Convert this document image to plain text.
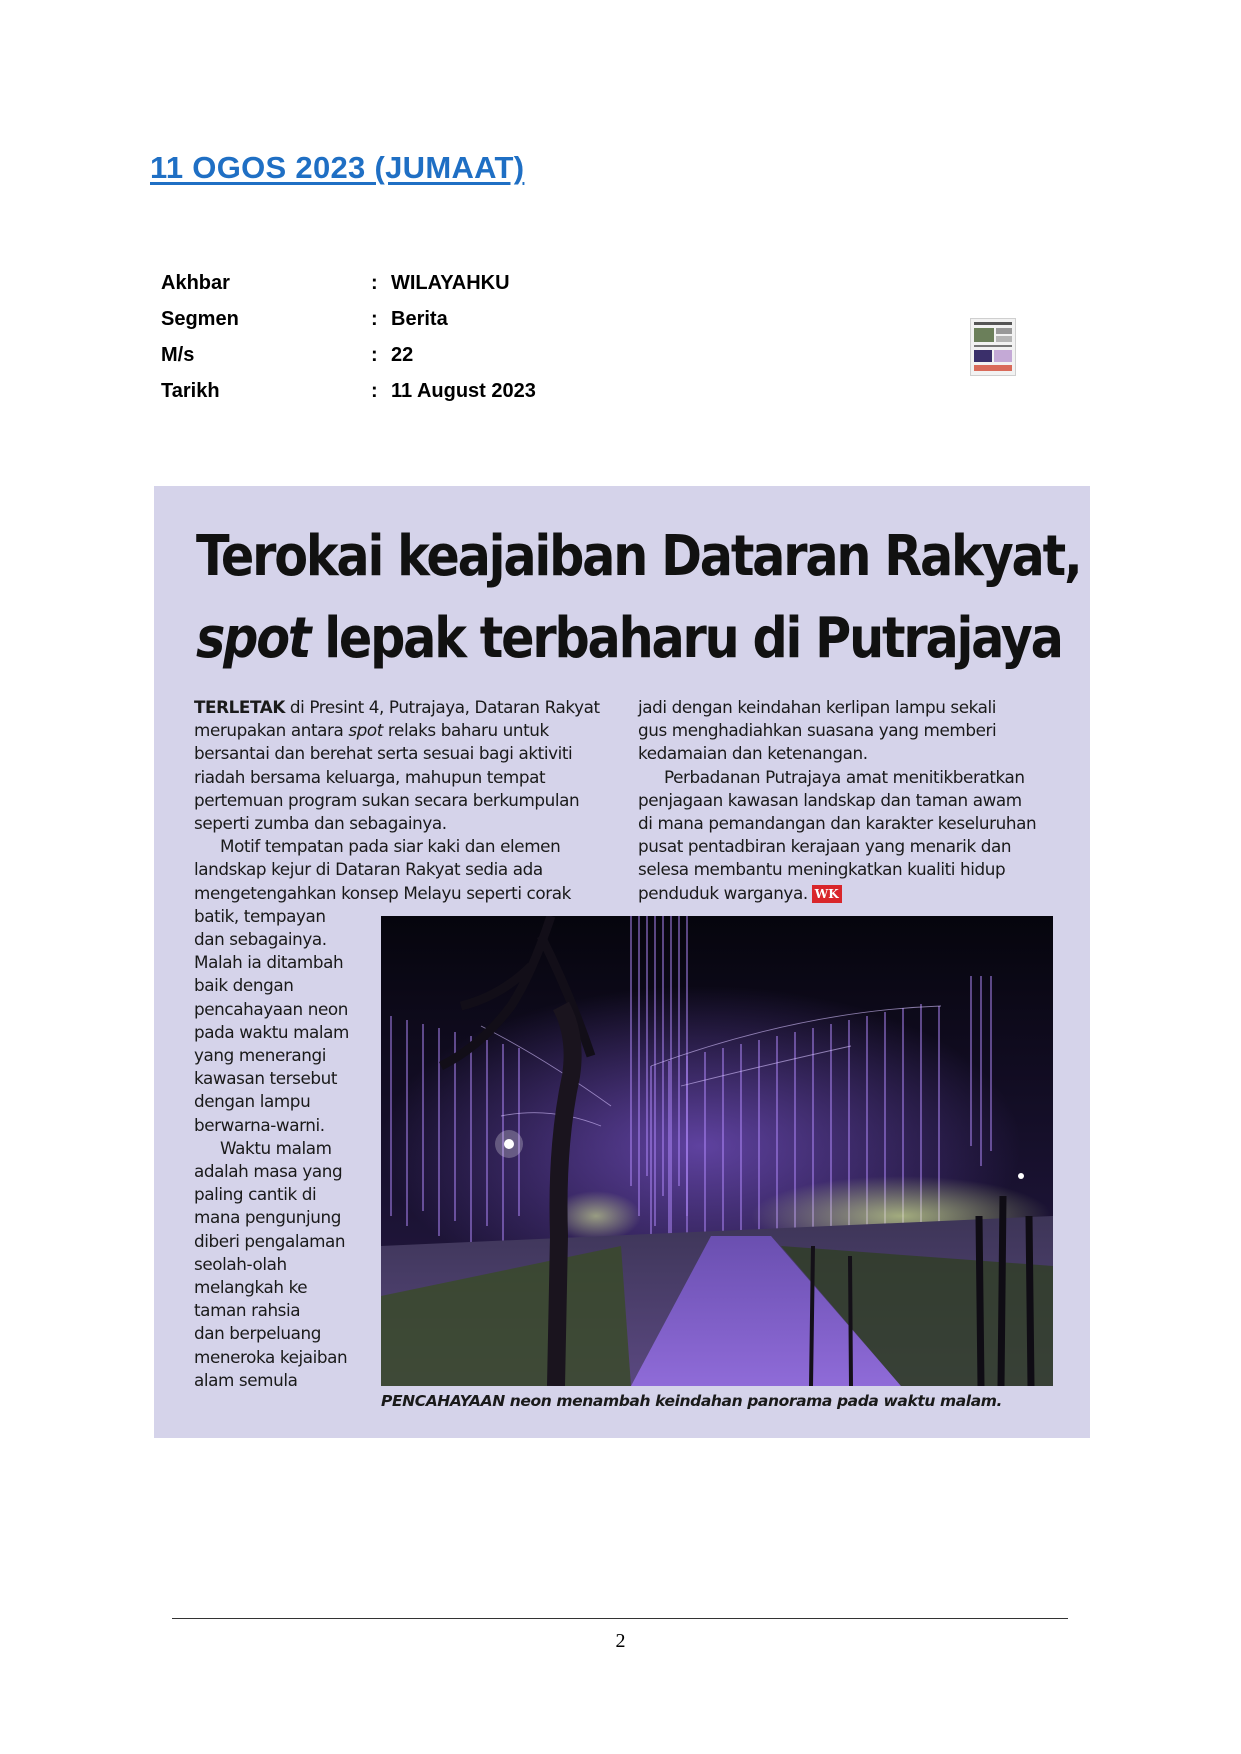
11 OGOS 2023 (JUMAAT)
Akhbar	: WILAYAHKU
Segmen	: Berita
M/s	: 22
Tarikh	: 11 August 2023
Terokai keajaiban Dataran Rakyat,
spot lepak terbaharu di Putrajaya
TERLETAK di Presint 4, Putrajaya, Dataran Rakyat
merupakan antara spot relaks baharu untuk
bersantai dan berehat serta sesuai bagi aktiviti
riadah bersama keluarga, mahupun tempat
pertemuan program sukan secara berkumpulan
seperti zumba dan sebagainya.
Motif tempatan pada siar kaki dan elemen
landskap kejur di Dataran Rakyat sedia ada
mengetengahkan konsep Melayu seperti corak
batik, tempayan
dan sebagainya.
Malah ia ditambah
baik dengan
pencahayaan neon
pada waktu malam
yang menerangi
kawasan tersebut
dengan lampu
berwarna-warni.
Waktu malam
adalah masa yang
paling cantik di
mana pengunjung
diberi pengalaman
seolah-olah
melangkah ke
taman rahsia
dan berpeluang
meneroka kejaiban
alam semula
jadi dengan keindahan kerlipan lampu sekali
gus menghadiahkan suasana yang memberi
kedamaian dan ketenangan.
Perbadanan Putrajaya amat menitikberatkan
penjagaan kawasan landskap dan taman awam
di mana pemandangan dan karakter keseluruhan
pusat pentadbiran kerajaan yang menarik dan
selesa membantu meningkatkan kualiti hidup
penduduk warganya. WK
PENCAHAYAAN neon menambah keindahan panorama pada waktu malam.
2
